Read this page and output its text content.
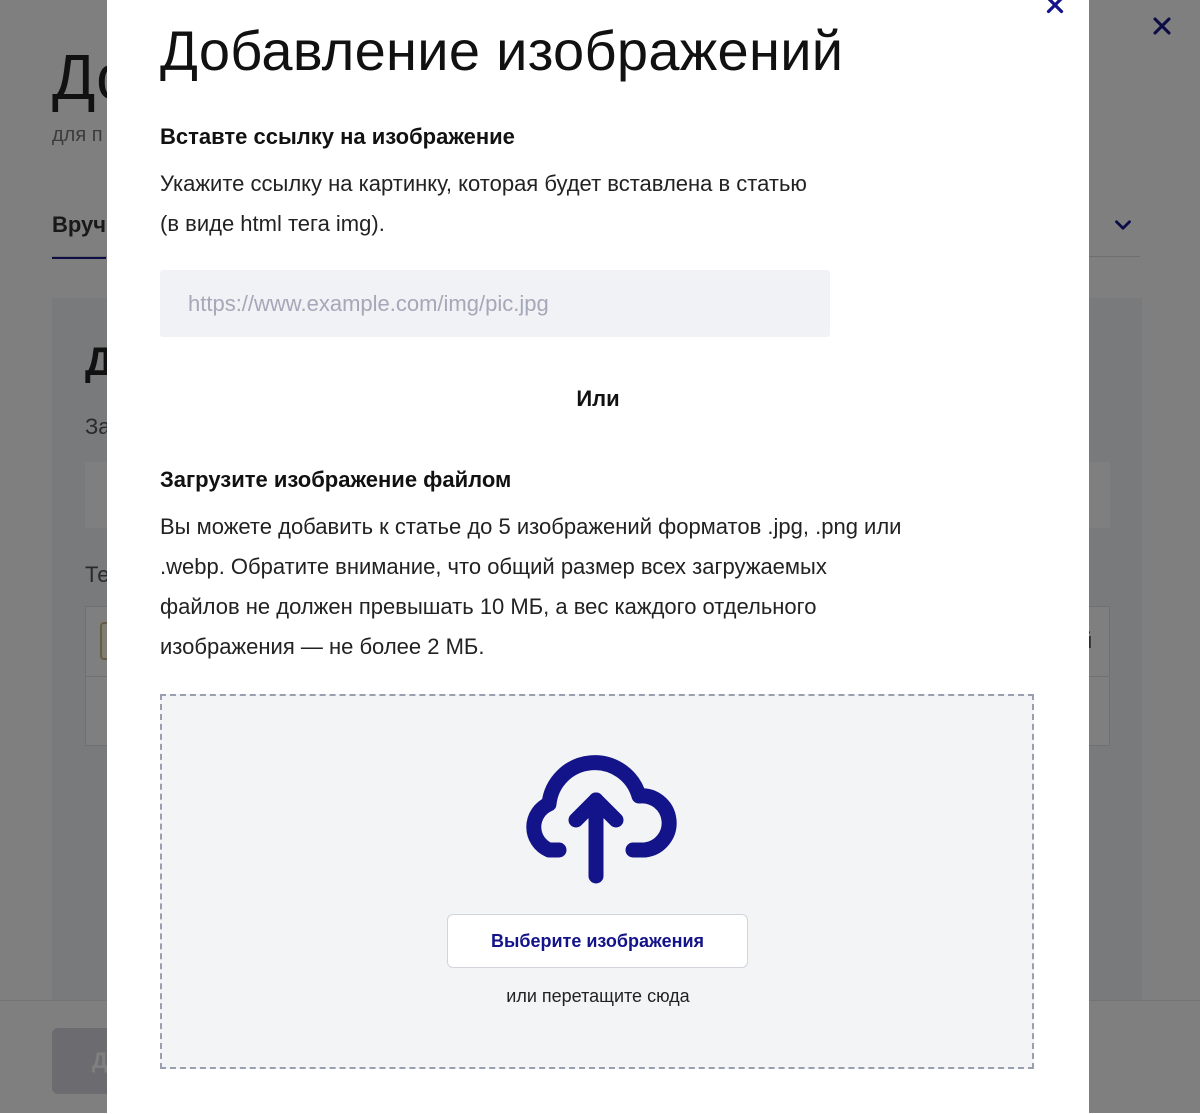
Добавление изображений
Вставте ссылку на изображение
Укажите ссылку на картинку, которая будет вставлена в статью
(в виде html тега img).
https://www.example.com/img/pic.jpg
Или
Загрузите изображение файлом
Вы можете добавить к статье до 5 изображений форматов .jpg, .png или
.webp. Обратите внимание, что общий размер всех загружаемых
файлов не должен превышать 10 МБ, а вес каждого отдельного
изображения — не более 2 МБ.
Выберите изображения
или перетащите сюда
